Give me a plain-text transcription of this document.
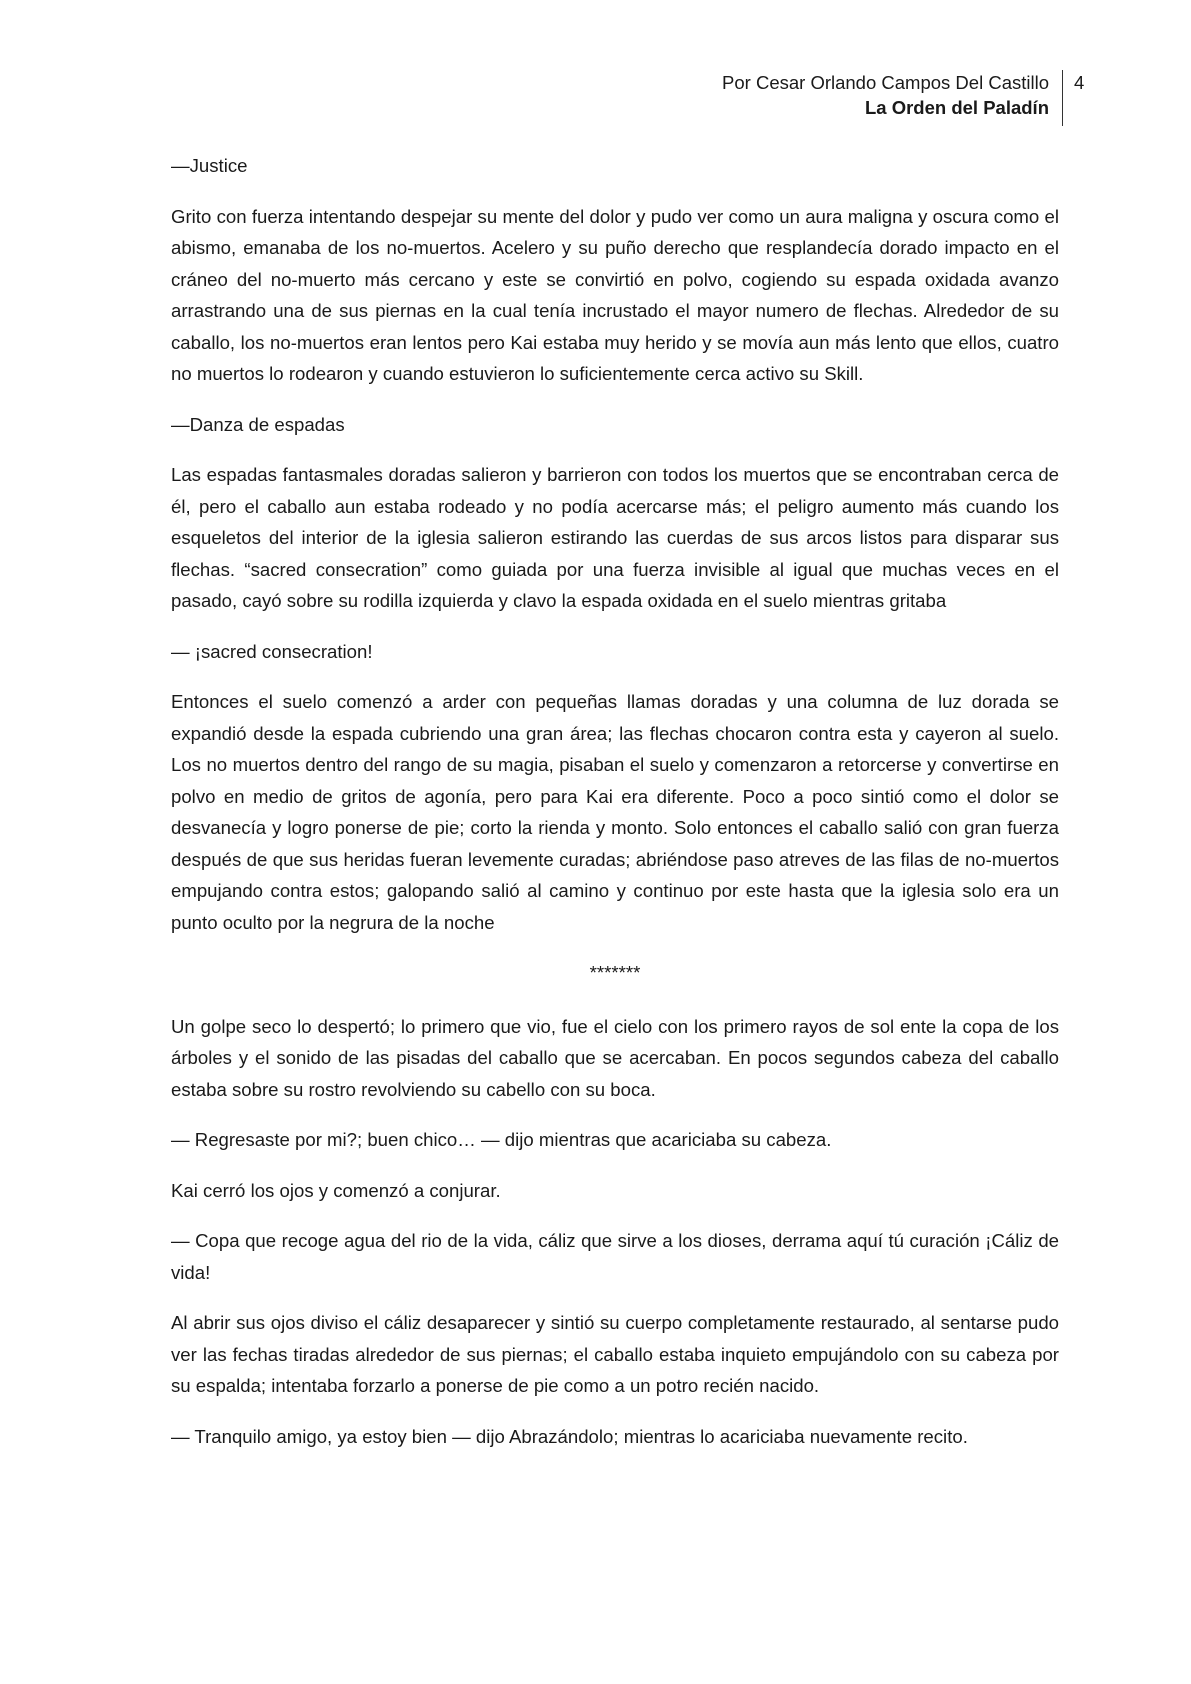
Por Cesar Orlando Campos Del Castillo
La Orden del Paladín
4

—Justice

Grito con fuerza intentando despejar su mente del dolor y pudo ver como un aura maligna y oscura como el abismo, emanaba de los no-muertos. Acelero y su puño derecho que resplandecía dorado impacto en el cráneo del no-muerto más cercano y este se convirtió en polvo, cogiendo su espada oxidada avanzo arrastrando una de sus piernas en la cual tenía incrustado el mayor numero de flechas. Alrededor de su caballo, los no-muertos eran lentos pero Kai estaba muy herido y se movía aun más lento que ellos, cuatro no muertos lo rodearon y cuando estuvieron lo suficientemente cerca activo su Skill.

—Danza de espadas

Las espadas fantasmales doradas salieron y barrieron con todos los muertos que se encontraban cerca de él, pero el caballo aun estaba rodeado y no podía acercarse más; el peligro aumento más cuando los esqueletos del interior de la iglesia salieron estirando las cuerdas de sus arcos listos para disparar sus flechas. “sacred consecration” como guiada por una fuerza invisible al igual que muchas veces en el pasado, cayó sobre su rodilla izquierda y clavo la espada oxidada en el suelo mientras gritaba

— ¡sacred consecration!

Entonces el suelo comenzó a arder con pequeñas llamas doradas y una columna de luz dorada se expandió desde la espada cubriendo una gran área; las flechas chocaron contra esta y cayeron al suelo. Los no muertos dentro del rango de su magia, pisaban el suelo y comenzaron a retorcerse y convertirse en polvo en medio de gritos de agonía, pero para Kai era diferente. Poco a poco sintió como el dolor se desvanecía y logro ponerse de pie; corto la rienda y monto. Solo entonces el caballo salió con gran fuerza después de que sus heridas fueran levemente curadas; abriéndose paso atreves de las filas de no-muertos empujando contra estos; galopando salió al camino y continuo por este hasta que la iglesia solo era un punto oculto por la negrura de la noche

*******

Un golpe seco lo despertó; lo primero que vio, fue el cielo con los primero rayos de sol ente la copa de los árboles y el sonido de las pisadas del caballo que se acercaban. En pocos segundos cabeza del caballo estaba sobre su rostro revolviendo su cabello con su boca.

— Regresaste por mi?; buen chico… — dijo mientras que acariciaba su cabeza.

Kai cerró los ojos y comenzó a conjurar.

— Copa que recoge agua del rio de la vida, cáliz que sirve a los dioses, derrama aquí tú curación ¡Cáliz de vida!

Al abrir sus ojos diviso el cáliz desaparecer y sintió su cuerpo completamente restaurado, al sentarse pudo ver las fechas tiradas alrededor de sus piernas; el caballo estaba inquieto empujándolo con su cabeza por su espalda; intentaba forzarlo a ponerse de pie como a un potro recién nacido.

— Tranquilo amigo, ya estoy bien — dijo Abrazándolo; mientras lo acariciaba nuevamente recito.
